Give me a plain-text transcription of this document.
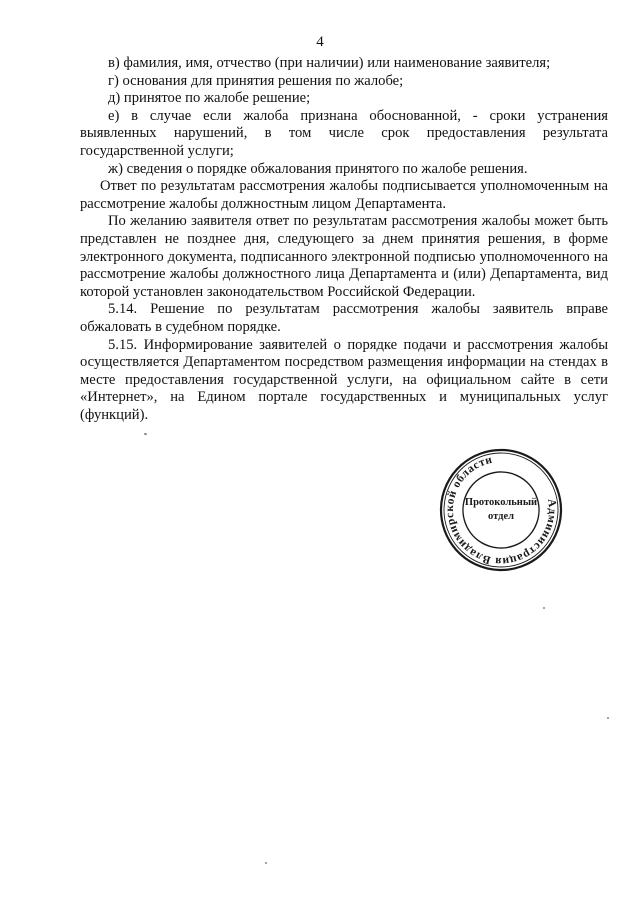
4

в) фамилия, имя, отчество (при наличии) или наименование заявителя;

г) основания для принятия решения по жалобе;

д) принятое по жалобе решение;

е) в случае если жалоба признана обоснованной, - сроки устранения выявленных нарушений, в том числе срок предоставления результата государственной услуги;

ж) сведения о порядке обжалования принятого по жалобе решения.

Ответ по результатам рассмотрения жалобы подписывается уполномоченным на рассмотрение жалобы должностным лицом Департамента.

По желанию заявителя ответ по результатам рассмотрения жалобы может быть представлен не позднее дня, следующего за днем принятия решения, в форме электронного документа, подписанного электронной подписью уполномоченного на рассмотрение жалобы должностного лица Департамента и (или) Департамента, вид которой установлен законодательством Российской Федерации.

5.14. Решение по результатам рассмотрения жалобы заявитель вправе обжаловать в судебном порядке.

5.15. Информирование заявителей о порядке подачи и рассмотрения жалобы осуществляется Департаментом посредством размещения информации на стендах в месте предоставления государственной услуги, на официальном сайте в сети «Интернет», на Едином портале государственных и муниципальных услуг (функций).

Администрация Владимирской области
Протокольный
отдел
